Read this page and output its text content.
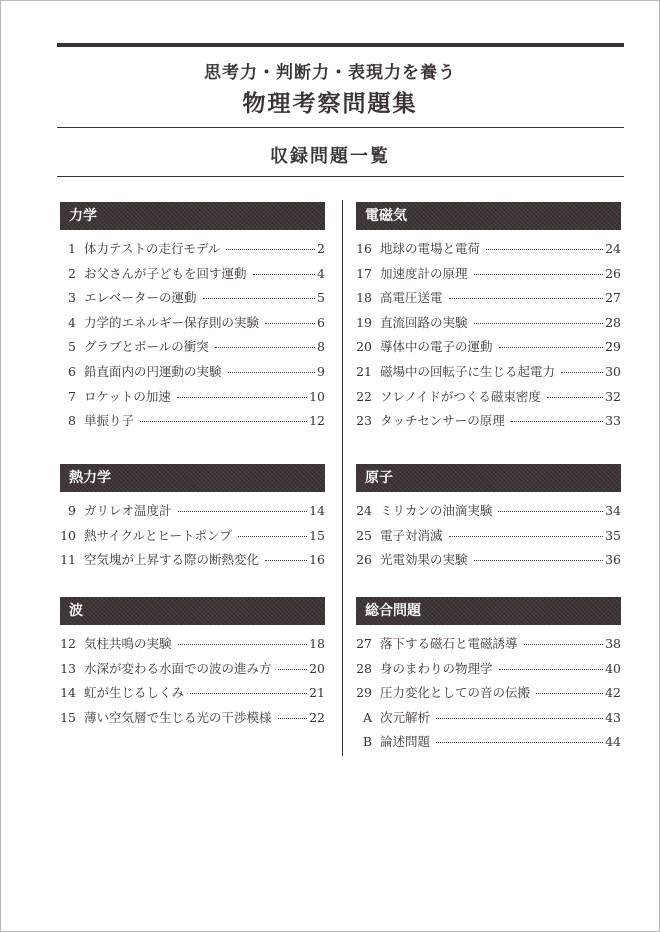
思考力・判断力・表現力を養う
物理考察問題集
収録問題一覧
力学
1 体力テストの走行モデル	2
2 お父さんが子どもを回す運動	4
3 エレベーターの運動	5
4 力学的エネルギー保存則の実験	6
5 グラブとボールの衝突	8
6 鉛直面内の円運動の実験	9
7 ロケットの加速	10
8 単振り子	12
熱力学
9 ガリレオ温度計	14
10 熱サイクルとヒートポンプ	15
11 空気塊が上昇する際の断熱変化	16
波
12 気柱共鳴の実験	18
13 水深が変わる水面での波の進み方	20
14 虹が生じるしくみ	21
15 薄い空気層で生じる光の干渉模様	22
電磁気
16 地球の電場と電荷	24
17 加速度計の原理	26
18 高電圧送電	27
19 直流回路の実験	28
20 導体中の電子の運動	29
21 磁場中の回転子に生じる起電力	30
22 ソレノイドがつくる磁束密度	32
23 タッチセンサーの原理	33
原子
24 ミリカンの油滴実験	34
25 電子対消滅	35
26 光電効果の実験	36
総合問題
27 落下する磁石と電磁誘導	38
28 身のまわりの物理学	40
29 圧力変化としての音の伝搬	42
A 次元解析	43
B 論述問題	44
